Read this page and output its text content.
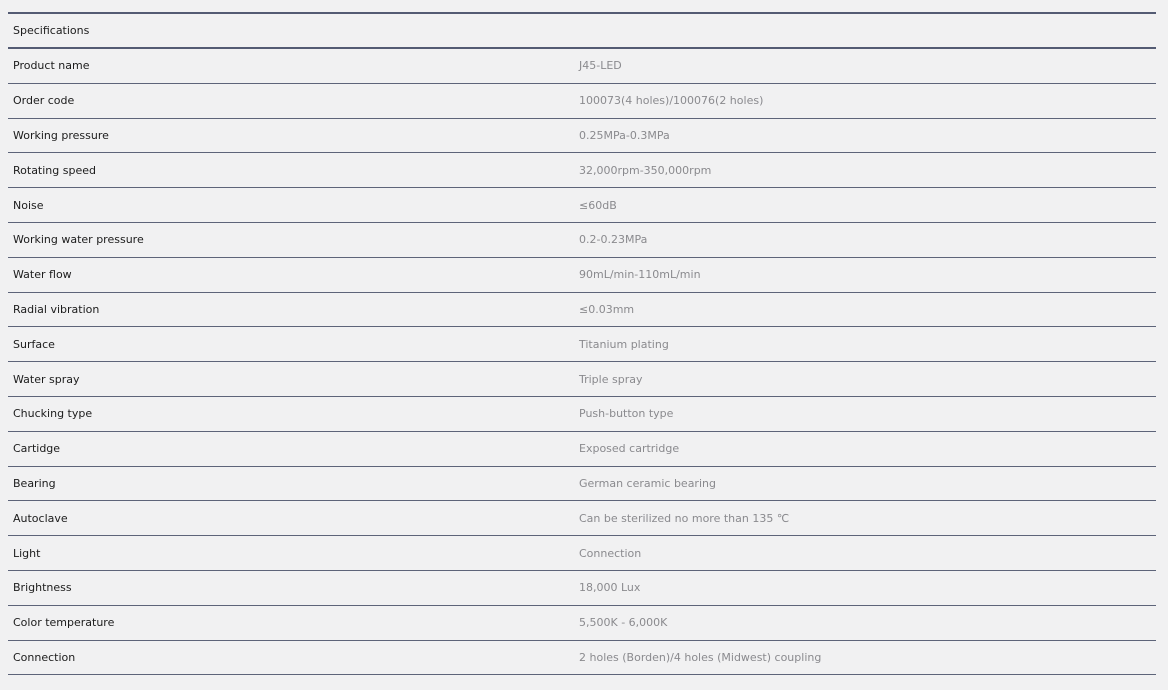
Specifications
Product name	J45-LED
Order code	100073(4 holes)/100076(2 holes)
Working pressure	0.25MPa-0.3MPa
Rotating speed	32,000rpm-350,000rpm
Noise	≤60dB
Working water pressure	0.2-0.23MPa
Water flow	90mL/min-110mL/min
Radial vibration	≤0.03mm
Surface	Titanium plating
Water spray	Triple spray
Chucking type	Push-button type
Cartidge	Exposed cartridge
Bearing	German ceramic bearing
Autoclave	Can be sterilized no more than 135 ℃
Light	Connection
Brightness	18,000 Lux
Color temperature	5,500K - 6,000K
Connection	2 holes (Borden)/4 holes (Midwest) coupling
